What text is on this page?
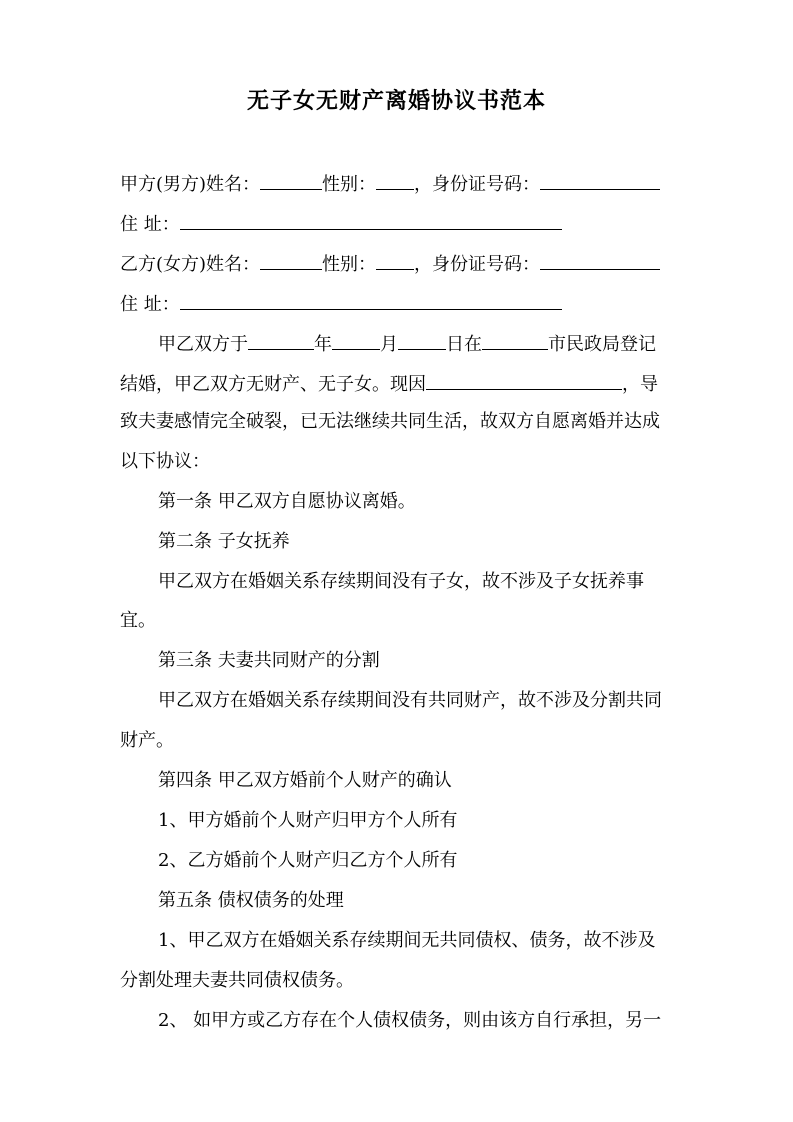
无子女无财产离婚协议书范本
甲方(男方)姓名：	性别： ，身份证号码：
住 址：
乙方(女方)姓名：	性别： ，身份证号码：
住 址：
甲乙双方于	年	月	日在	市民政局登记
结婚，甲乙双方无财产、无子女。现因	，导
致夫妻感情完全破裂，已无法继续共同生活，故双方自愿离婚并达成
以下协议：
第一条 甲乙双方自愿协议离婚。
第二条 子女抚养
甲乙双方在婚姻关系存续期间没有子女，故不涉及子女抚养事
宜。
第三条 夫妻共同财产的分割
甲乙双方在婚姻关系存续期间没有共同财产，故不涉及分割共同
财产。
第四条 甲乙双方婚前个人财产的确认
1、甲方婚前个人财产归甲方个人所有
2、乙方婚前个人财产归乙方个人所有
第五条 债权债务的处理
1、甲乙双方在婚姻关系存续期间无共同债权、债务，故不涉及
分割处理夫妻共同债权债务。
2、 如甲方或乙方存在个人债权债务，则由该方自行承担，另一
